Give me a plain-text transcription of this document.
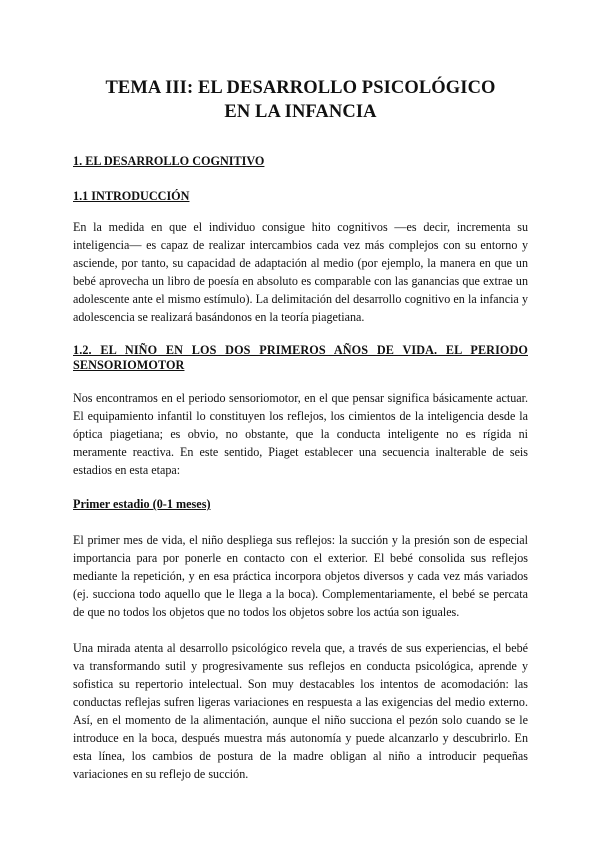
TEMA III: EL DESARROLLO PSICOLÓGICO
EN LA INFANCIA
1. EL DESARROLLO COGNITIVO
1.1 INTRODUCCIÓN

En la medida en que el individuo consigue hito cognitivos —es decir, incrementa su inteligencia— es capaz de realizar intercambios cada vez más complejos con su entorno y asciende, por tanto, su capacidad de adaptación al medio (por ejemplo, la manera en que un bebé aprovecha un libro de poesía en absoluto es comparable con las ganancias que extrae un adolescente ante el mismo estímulo). La delimitación del desarrollo cognitivo en la infancia y adolescencia se realizará basándonos en la teoría piagetiana.

1.2. EL NIÑO EN LOS DOS PRIMEROS AÑOS DE VIDA. EL PERIODO SENSORIOMOTOR

Nos encontramos en el periodo sensoriomotor, en el que pensar significa básicamente actuar. El equipamiento infantil lo constituyen los reflejos, los cimientos de la inteligencia desde la óptica piagetiana; es obvio, no obstante, que la conducta inteligente no es rígida ni meramente reactiva. En este sentido, Piaget establecer una secuencia inalterable de seis estadios en esta etapa:

Primer estadio (0-1 meses)

El primer mes de vida, el niño despliega sus reflejos: la succión y la presión son de especial importancia para por ponerle en contacto con el exterior. El bebé consolida sus reflejos mediante la repetición, y en esa práctica incorpora objetos diversos y cada vez más variados (ej. succiona todo aquello que le llega a la boca). Complementariamente, el bebé se percata de que no todos los objetos que no todos los objetos sobre los actúa son iguales.

Una mirada atenta al desarrollo psicológico revela que, a través de sus experiencias, el bebé va transformando sutil y progresivamente sus reflejos en conducta psicológica, aprende y sofistica su repertorio intelectual. Son muy destacables los intentos de acomodación: las conductas reflejas sufren ligeras variaciones en respuesta a las exigencias del medio externo. Así, en el momento de la alimentación, aunque el niño succiona el pezón solo cuando se le introduce en la boca, después muestra más autonomía y puede alcanzarlo y descubrirlo. En esta línea, los cambios de postura de la madre obligan al niño a introducir pequeñas variaciones en su reflejo de succión.
